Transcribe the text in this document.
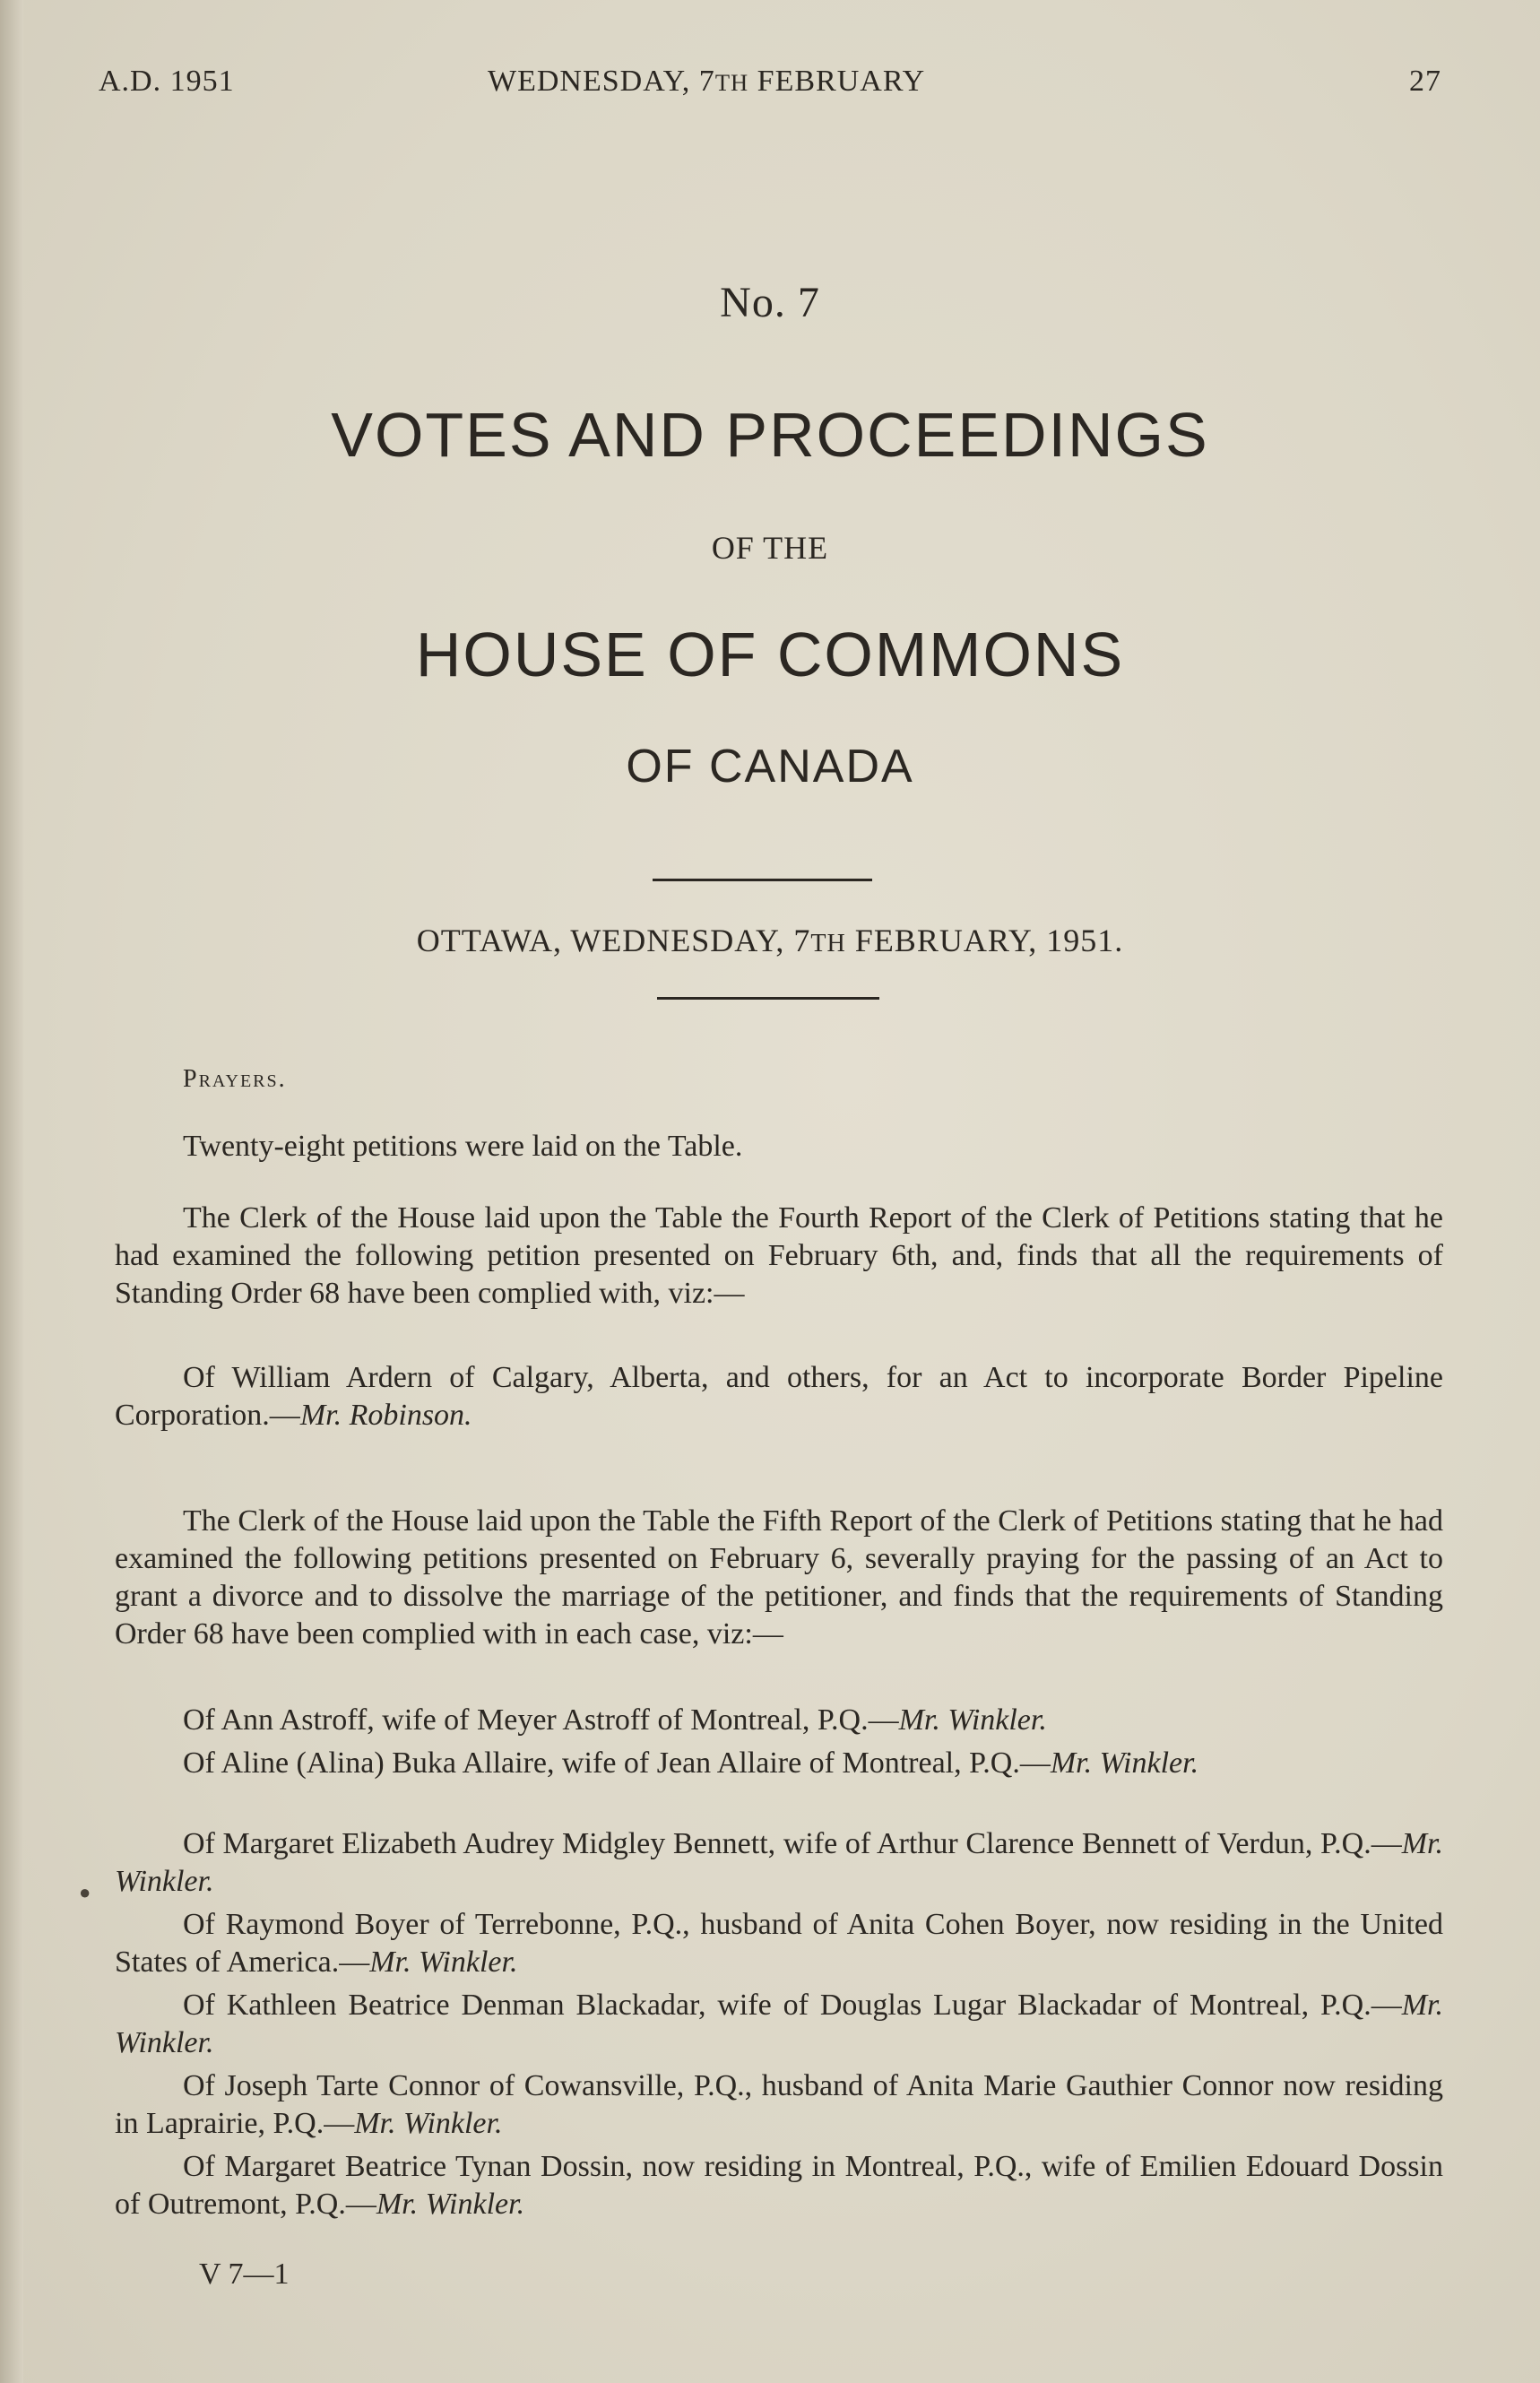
A.D. 1951	WEDNESDAY, 7TH FEBRUARY	27
No. 7
VOTES AND PROCEEDINGS
OF THE
HOUSE OF COMMONS
OF CANADA
OTTAWA, WEDNESDAY, 7TH FEBRUARY, 1951.
Prayers.
Twenty-eight petitions were laid on the Table.
The Clerk of the House laid upon the Table the Fourth Report of the Clerk of Petitions stating that he had examined the following petition presented on February 6th, and, finds that all the requirements of Standing Order 68 have been complied with, viz:—
Of William Ardern of Calgary, Alberta, and others, for an Act to incorporate Border Pipeline Corporation.—Mr. Robinson.
The Clerk of the House laid upon the Table the Fifth Report of the Clerk of Petitions stating that he had examined the following petitions presented on February 6, severally praying for the passing of an Act to grant a divorce and to dissolve the marriage of the petitioner, and finds that the requirements of Standing Order 68 have been complied with in each case, viz:—
Of Ann Astroff, wife of Meyer Astroff of Montreal, P.Q.—Mr. Winkler.
Of Aline (Alina) Buka Allaire, wife of Jean Allaire of Montreal, P.Q.—Mr. Winkler.
Of Margaret Elizabeth Audrey Midgley Bennett, wife of Arthur Clarence Bennett of Verdun, P.Q.—Mr. Winkler.
Of Raymond Boyer of Terrebonne, P.Q., husband of Anita Cohen Boyer, now residing in the United States of America.—Mr. Winkler.
Of Kathleen Beatrice Denman Blackadar, wife of Douglas Lugar Blackadar of Montreal, P.Q.—Mr. Winkler.
Of Joseph Tarte Connor of Cowansville, P.Q., husband of Anita Marie Gauthier Connor now residing in Laprairie, P.Q.—Mr. Winkler.
Of Margaret Beatrice Tynan Dossin, now residing in Montreal, P.Q., wife of Emilien Edouard Dossin of Outremont, P.Q.—Mr. Winkler.
●
V 7—1
